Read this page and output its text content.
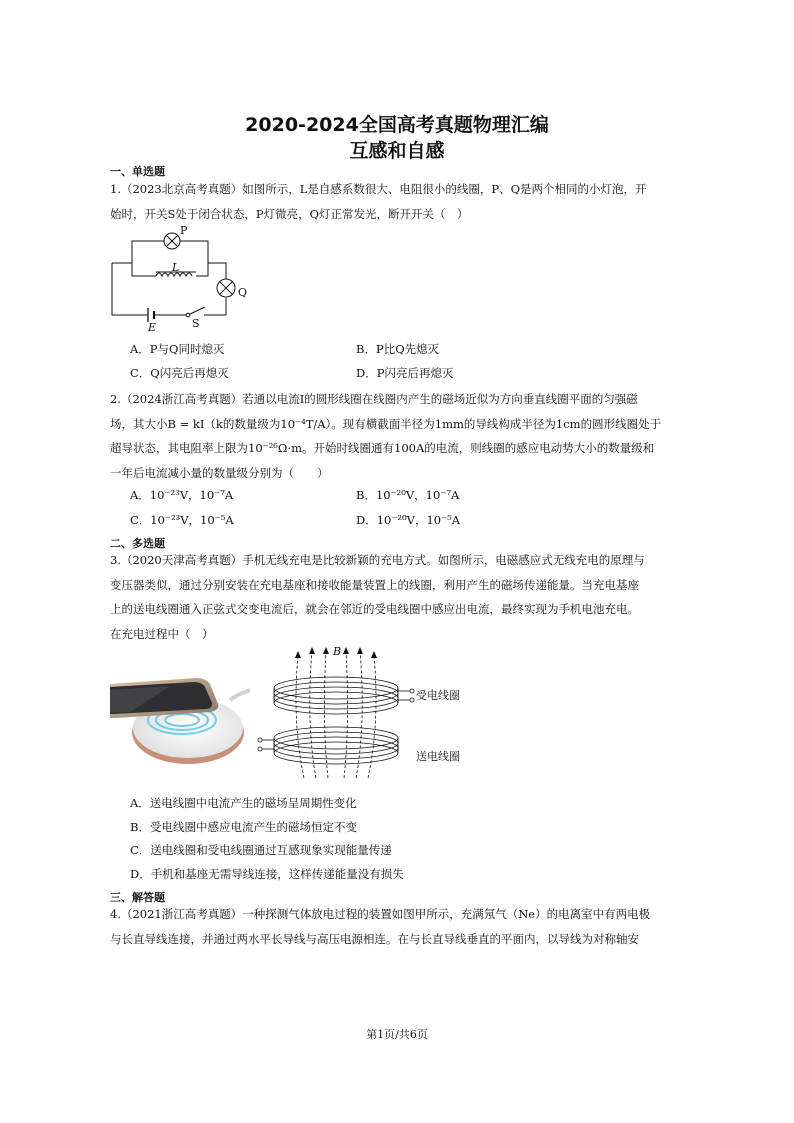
2020-2024全国高考真题物理汇编
互感和自感
一、单选题
1.（2023北京高考真题）如图所示，L是自感系数很大、电阻很小的线圈，P、Q是两个相同的小灯泡，开
始时，开关S处于闭合状态，P灯微亮，Q灯正常发光，断开开关（　）
P
L
Q
E	S
A．P与Q同时熄灭	B．P比Q先熄灭
C．Q闪亮后再熄灭	D．P闪亮后再熄灭
2.（2024浙江高考真题）若通以电流I的圆形线圈在线圈内产生的磁场近似为方向垂直线圈平面的匀强磁
场，其大小B = kI（k的数量级为10⁻⁴T/A）。现有横截面半径为1mm的导线构成半径为1cm的圆形线圈处于
超导状态，其电阻率上限为10⁻²⁶Ω·m。开始时线圈通有100A的电流，则线圈的感应电动势大小的数量级和
一年后电流减小量的数量级分别为（　　）
A．10⁻²³V，10⁻⁷A	B．10⁻²⁰V，10⁻⁷A
C．10⁻²³V，10⁻⁵A	D．10⁻²⁰V，10⁻⁵A
二、多选题
3.（2020天津高考真题）手机无线充电是比较新颖的充电方式。如图所示，电磁感应式无线充电的原理与
变压器类似，通过分别安装在充电基座和接收能量装置上的线圈，利用产生的磁场传递能量。当充电基座
上的送电线圈通入正弦式交变电流后，就会在邻近的受电线圈中感应出电流，最终实现为手机电池充电。
在充电过程中（　）
B
受电线圈
送电线圈
A．送电线圈中电流产生的磁场呈周期性变化
B．受电线圈中感应电流产生的磁场恒定不变
C．送电线圈和受电线圈通过互感现象实现能量传递
D．手机和基座无需导线连接，这样传递能量没有损失
三、解答题
4.（2021浙江高考真题）一种探测气体放电过程的装置如图甲所示，充满氖气（Ne）的电离室中有两电极
与长直导线连接，并通过两水平长导线与高压电源相连。在与长直导线垂直的平面内，以导线为对称轴安
第1页/共6页
